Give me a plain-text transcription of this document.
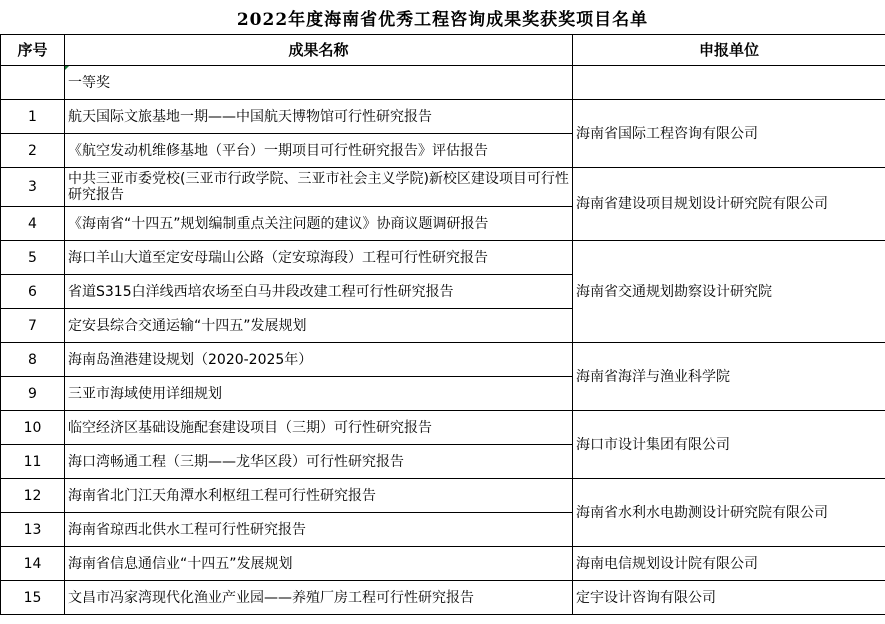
2022年度海南省优秀工程咨询成果奖获奖项目名单
序号	成果名称	申报单位
	一等奖	
1	航天国际文旅基地一期——中国航天博物馆可行性研究报告	海南省国际工程咨询有限公司
2	《航空发动机维修基地（平台）一期项目可行性研究报告》评估报告	
3	中共三亚市委党校(三亚市行政学院、三亚市社会主义学院)新校区建设项目可行性研究报告	海南省建设项目规划设计研究院有限公司
4	《海南省“十四五”规划编制重点关注问题的建议》协商议题调研报告	
5	海口羊山大道至定安母瑞山公路（定安琼海段）工程可行性研究报告	海南省交通规划勘察设计研究院
6	省道S315白洋线西培农场至白马井段改建工程可行性研究报告	
7	定安县综合交通运输“十四五”发展规划	
8	海南岛渔港建设规划（2020-2025年）	海南省海洋与渔业科学院
9	三亚市海域使用详细规划	
10	临空经济区基础设施配套建设项目（三期）可行性研究报告	海口市设计集团有限公司
11	海口湾畅通工程（三期——龙华区段）可行性研究报告	
12	海南省北门江天角潭水利枢纽工程可行性研究报告	海南省水利水电勘测设计研究院有限公司
13	海南省琼西北供水工程可行性研究报告	
14	海南省信息通信业“十四五”发展规划	海南电信规划设计院有限公司
15	文昌市冯家湾现代化渔业产业园——养殖厂房工程可行性研究报告	定宇设计咨询有限公司
